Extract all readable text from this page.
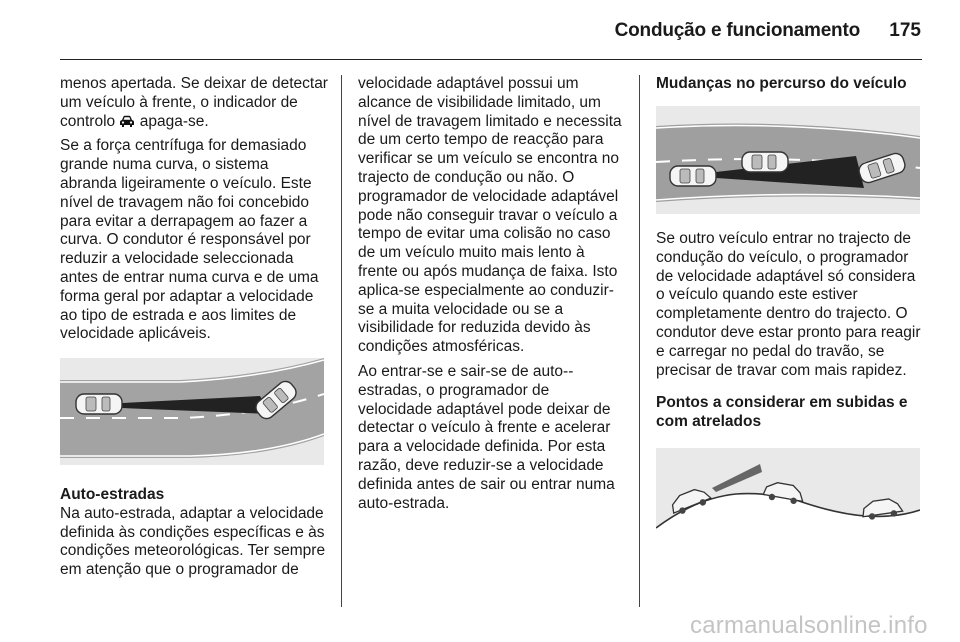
Condução e funcionamento	175

menos apertada. Se deixar de detectar um veículo à frente, o indicador de controlo  apaga-se.

Se a força centrífuga for demasiado grande numa curva, o sistema abranda ligeiramente o veículo. Este nível de travagem não foi concebido para evitar a derrapagem ao fazer a curva. O condutor é responsável por reduzir a velocidade seleccionada antes de entrar numa curva e de uma forma geral por adaptar a velocidade ao tipo de estrada e aos limites de velocidade aplicáveis.

Auto-estradas

Na auto-estrada, adaptar a velocidade definida às condições específicas e às condições meteorológicas. Ter sempre em atenção que o programador de

velocidade adaptável possui um alcance de visibilidade limitado, um nível de travagem limitado e necessita de um certo tempo de reacção para verificar se um veículo se encontra no trajecto de condução ou não. O programador de velocidade adaptável pode não conseguir travar o veículo a tempo de evitar uma colisão no caso de um veículo muito mais lento à frente ou após mudança de faixa. Isto aplica-se especialmente ao conduzir-se a muita velocidade ou se a visibilidade for reduzida devido às condições atmosféricas.

Ao entrar-se e sair-se de auto--estradas, o programador de velocidade adaptável pode deixar de detectar o veículo à frente e acelerar para a velocidade definida. Por esta razão, deve reduzir-se a velocidade definida antes de sair ou entrar numa auto-estrada.

Mudanças no percurso do veículo

Se outro veículo entrar no trajecto de condução do veículo, o programador de velocidade adaptável só considera o veículo quando este estiver completamente dentro do trajecto. O condutor deve estar pronto para reagir e carregar no pedal do travão, se precisar de travar com mais rapidez.

Pontos a considerar em subidas e com atrelados
carmanualsonline.info
